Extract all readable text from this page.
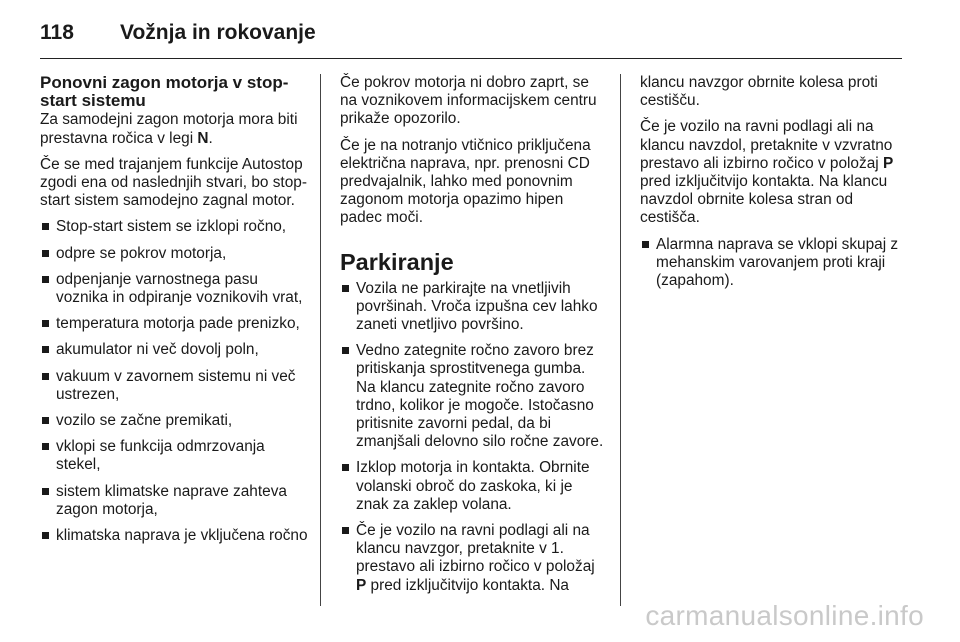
118 Vožnja in rokovanje
Ponovni zagon motorja v stop-start sistemu

Za samodejni zagon motorja mora biti prestavna ročica v legi N.

Če se med trajanjem funkcije Autostop zgodi ena od naslednjih stvari, bo stop-start sistem samodejno zagnal motor.

Stop-start sistem se izklopi ročno,
odpre se pokrov motorja,
odpenjanje varnostnega pasu voznika in odpiranje voznikovih vrat,
temperatura motorja pade prenizko,
akumulator ni več dovolj poln,
vakuum v zavornem sistemu ni več ustrezen,
vozilo se začne premikati,
vklopi se funkcija odmrzovanja stekel,
sistem klimatske naprave zahteva zagon motorja,
klimatska naprava je vključena ročno

Če pokrov motorja ni dobro zaprt, se na voznikovem informacijskem centru prikaže opozorilo.

Če je na notranjo vtičnico priključena električna naprava, npr. prenosni CD predvajalnik, lahko med ponovnim zagonom motorja opazimo hipen padec moči.

Parkiranje
Vozila ne parkirajte na vnetljivih površinah. Vroča izpušna cev lahko zaneti vnetljivo površino.
Vedno zategnite ročno zavoro brez pritiskanja sprostitvenega gumba. Na klancu zategnite ročno zavoro trdno, kolikor je mogoče. Istočasno pritisnite zavorni pedal, da bi zmanjšali delovno silo ročne zavore.
Izklop motorja in kontakta. Obrnite volanski obroč do zaskoka, ki je znak za zaklep volana.
Če je vozilo na ravni podlagi ali na klancu navzgor, pretaknite v 1. prestavo ali izbirno ročico v položaj P pred izključitvijo kontakta. Na

klancu navzgor obrnite kolesa proti cestišču.

Če je vozilo na ravni podlagi ali na klancu navzdol, pretaknite v vzvratno prestavo ali izbirno ročico v položaj P pred izključitvijo kontakta. Na klancu navzdol obrnite kolesa stran od cestišča.

Alarmna naprava se vklopi skupaj z mehanskim varovanjem proti kraji (zapahom).
carmanualsonline.info
